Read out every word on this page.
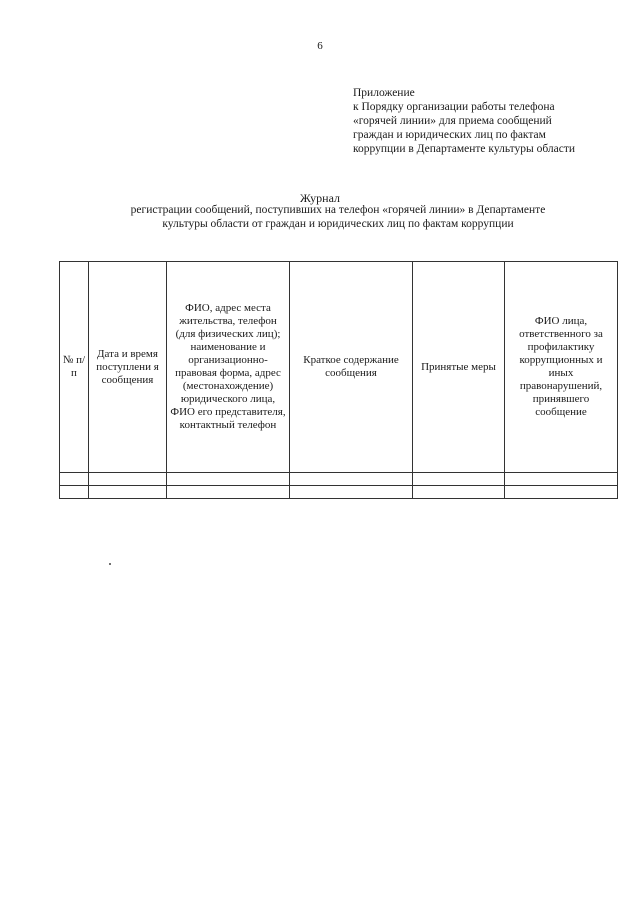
6
Приложение
к Порядку организации работы телефона
«горячей линии» для приема сообщений
граждан и юридических лиц по фактам
коррупции в Департаменте культуры области
Журнал
регистрации сообщений, поступивших на телефон «горячей линии» в Департаменте
культуры области от граждан и юридических лиц по фактам коррупции
№ п/п	Дата и время поступлени я сообщения	ФИО, адрес места жительства, телефон (для физических лиц); наименование и организационно-правовая форма, адрес (местонахождение) юридического лица, ФИО его представителя, контактный телефон	Краткое содержание сообщения	Принятые меры	ФИО лица, ответственного за профилактику коррупционных и иных правонарушений, принявшего сообщение
